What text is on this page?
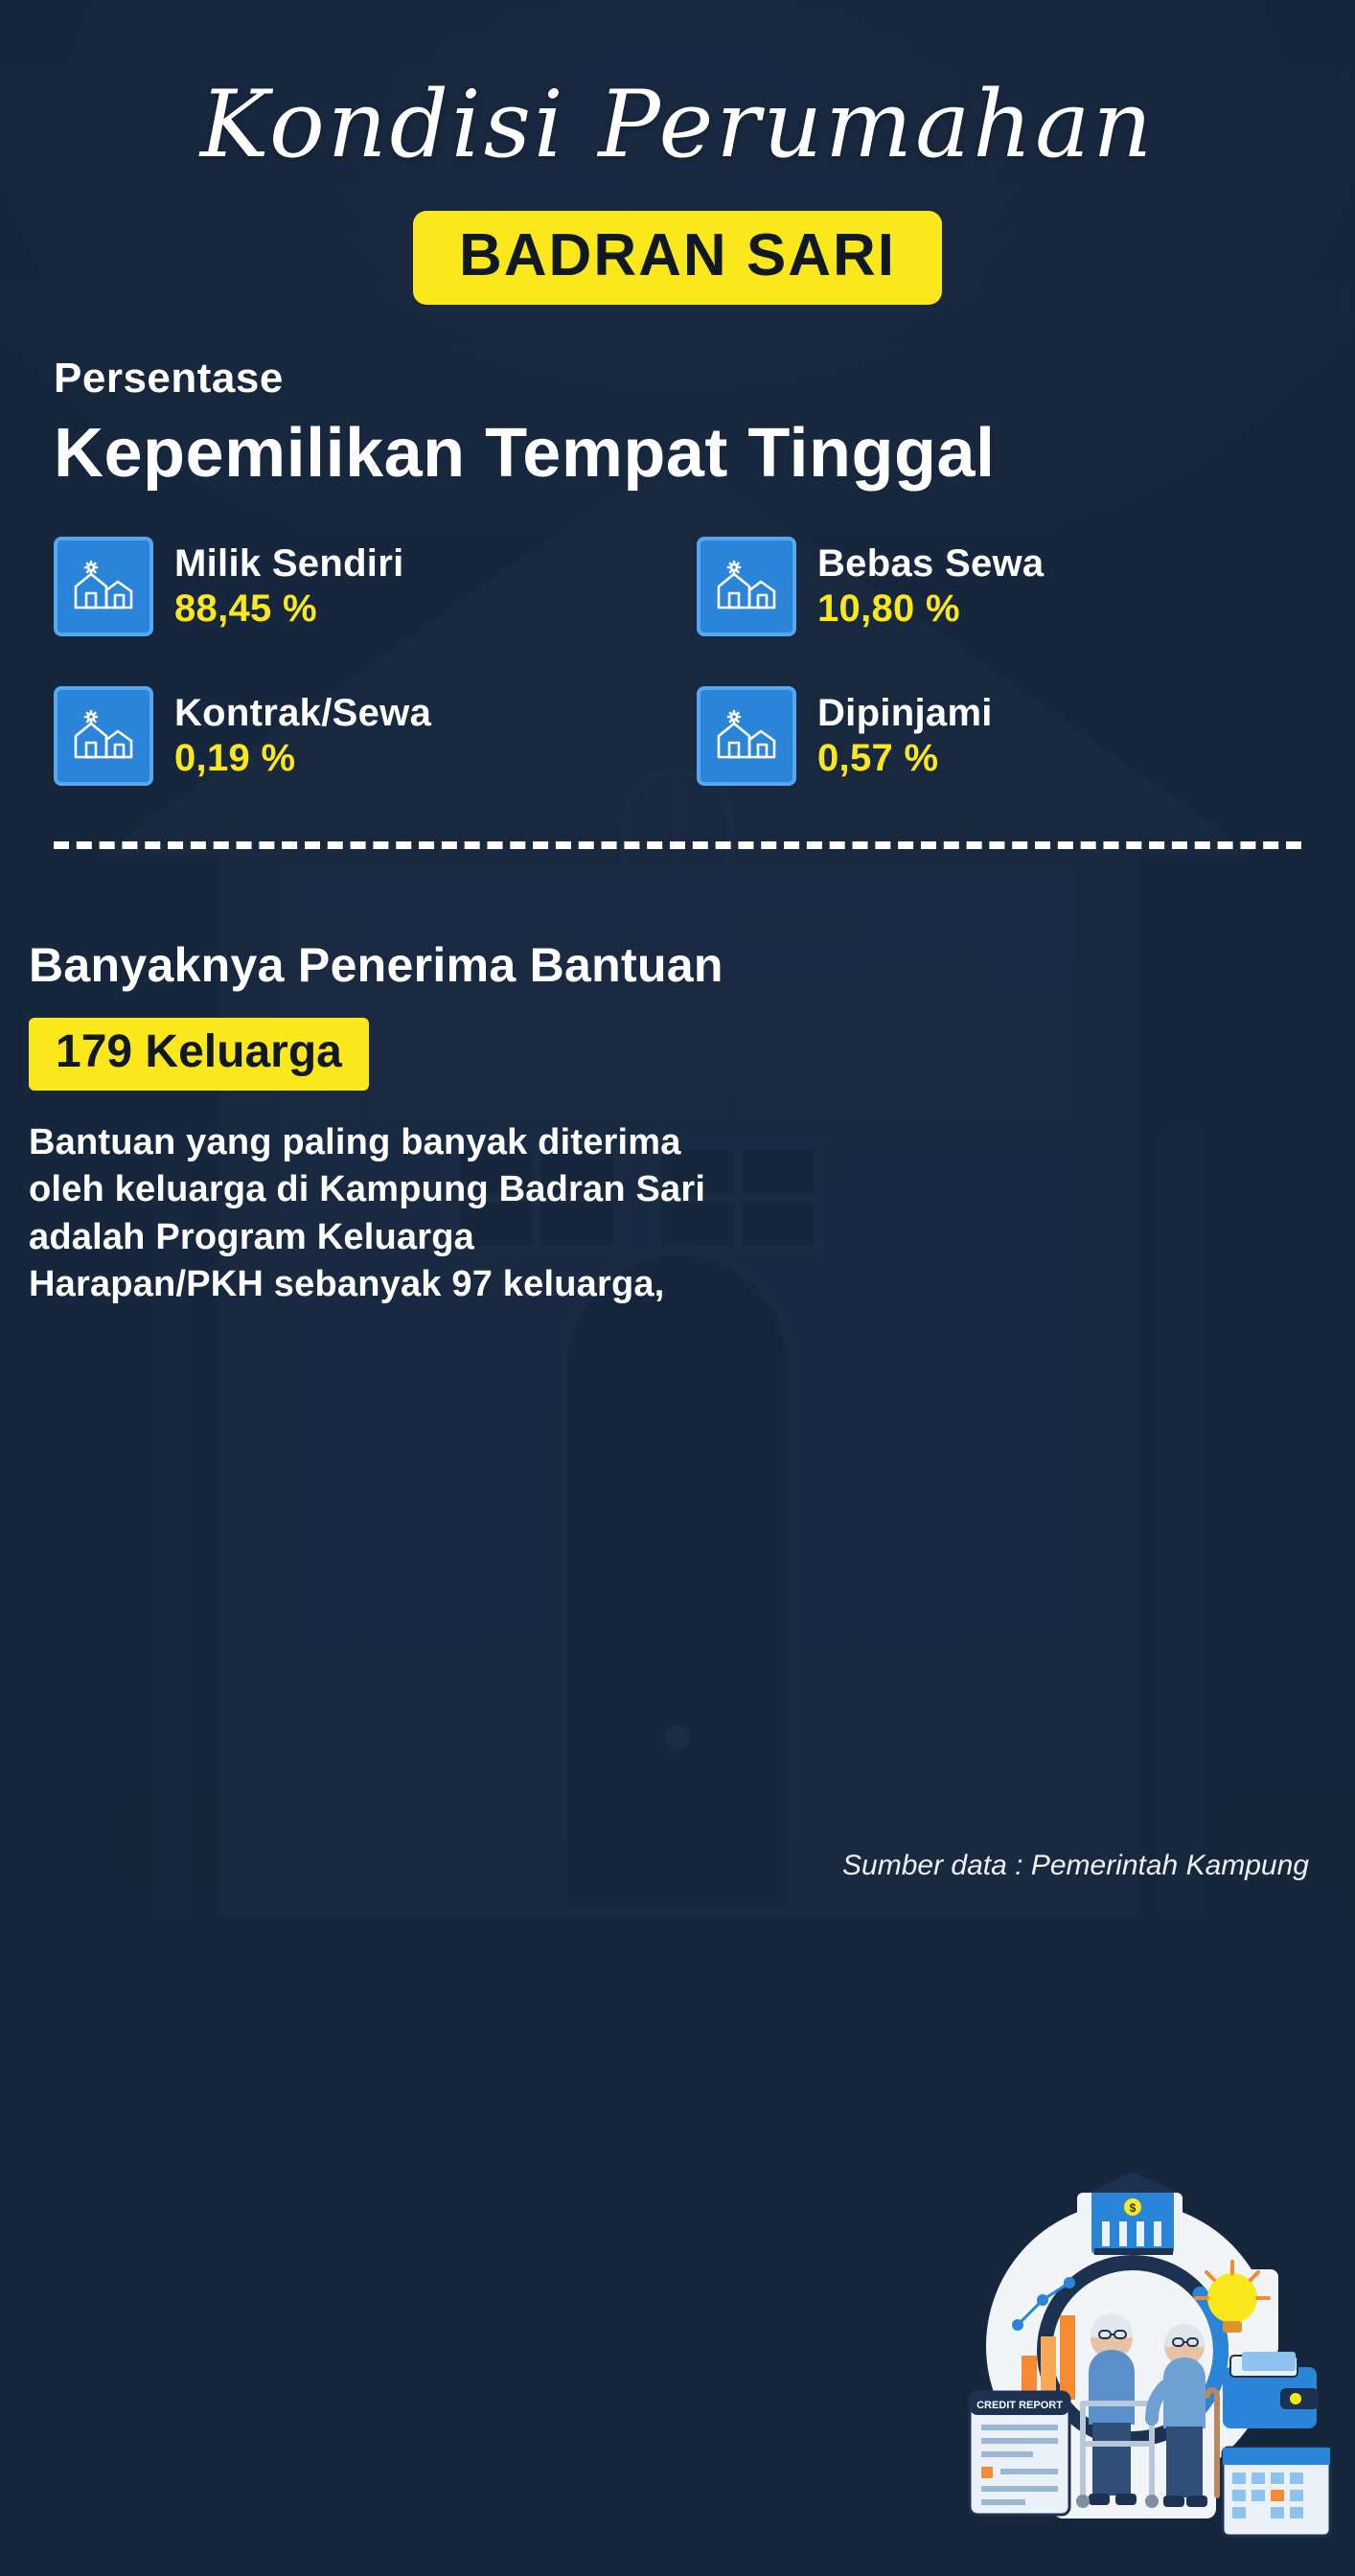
Kondisi Perumahan
BADRAN SARI
Persentase
Kepemilikan Tempat Tinggal
Milik Sendiri
88,45 %
Bebas Sewa
10,80 %
Kontrak/Sewa
0,19 %
Dipinjami
0,57 %
Banyaknya Penerima Bantuan
179 Keluarga
Bantuan yang paling banyak diterima oleh keluarga di Kampung Badran Sari adalah Program Keluarga Harapan/PKH sebanyak 97 keluarga,
$
CREDIT REPORT
Sumber data : Pemerintah Kampung
